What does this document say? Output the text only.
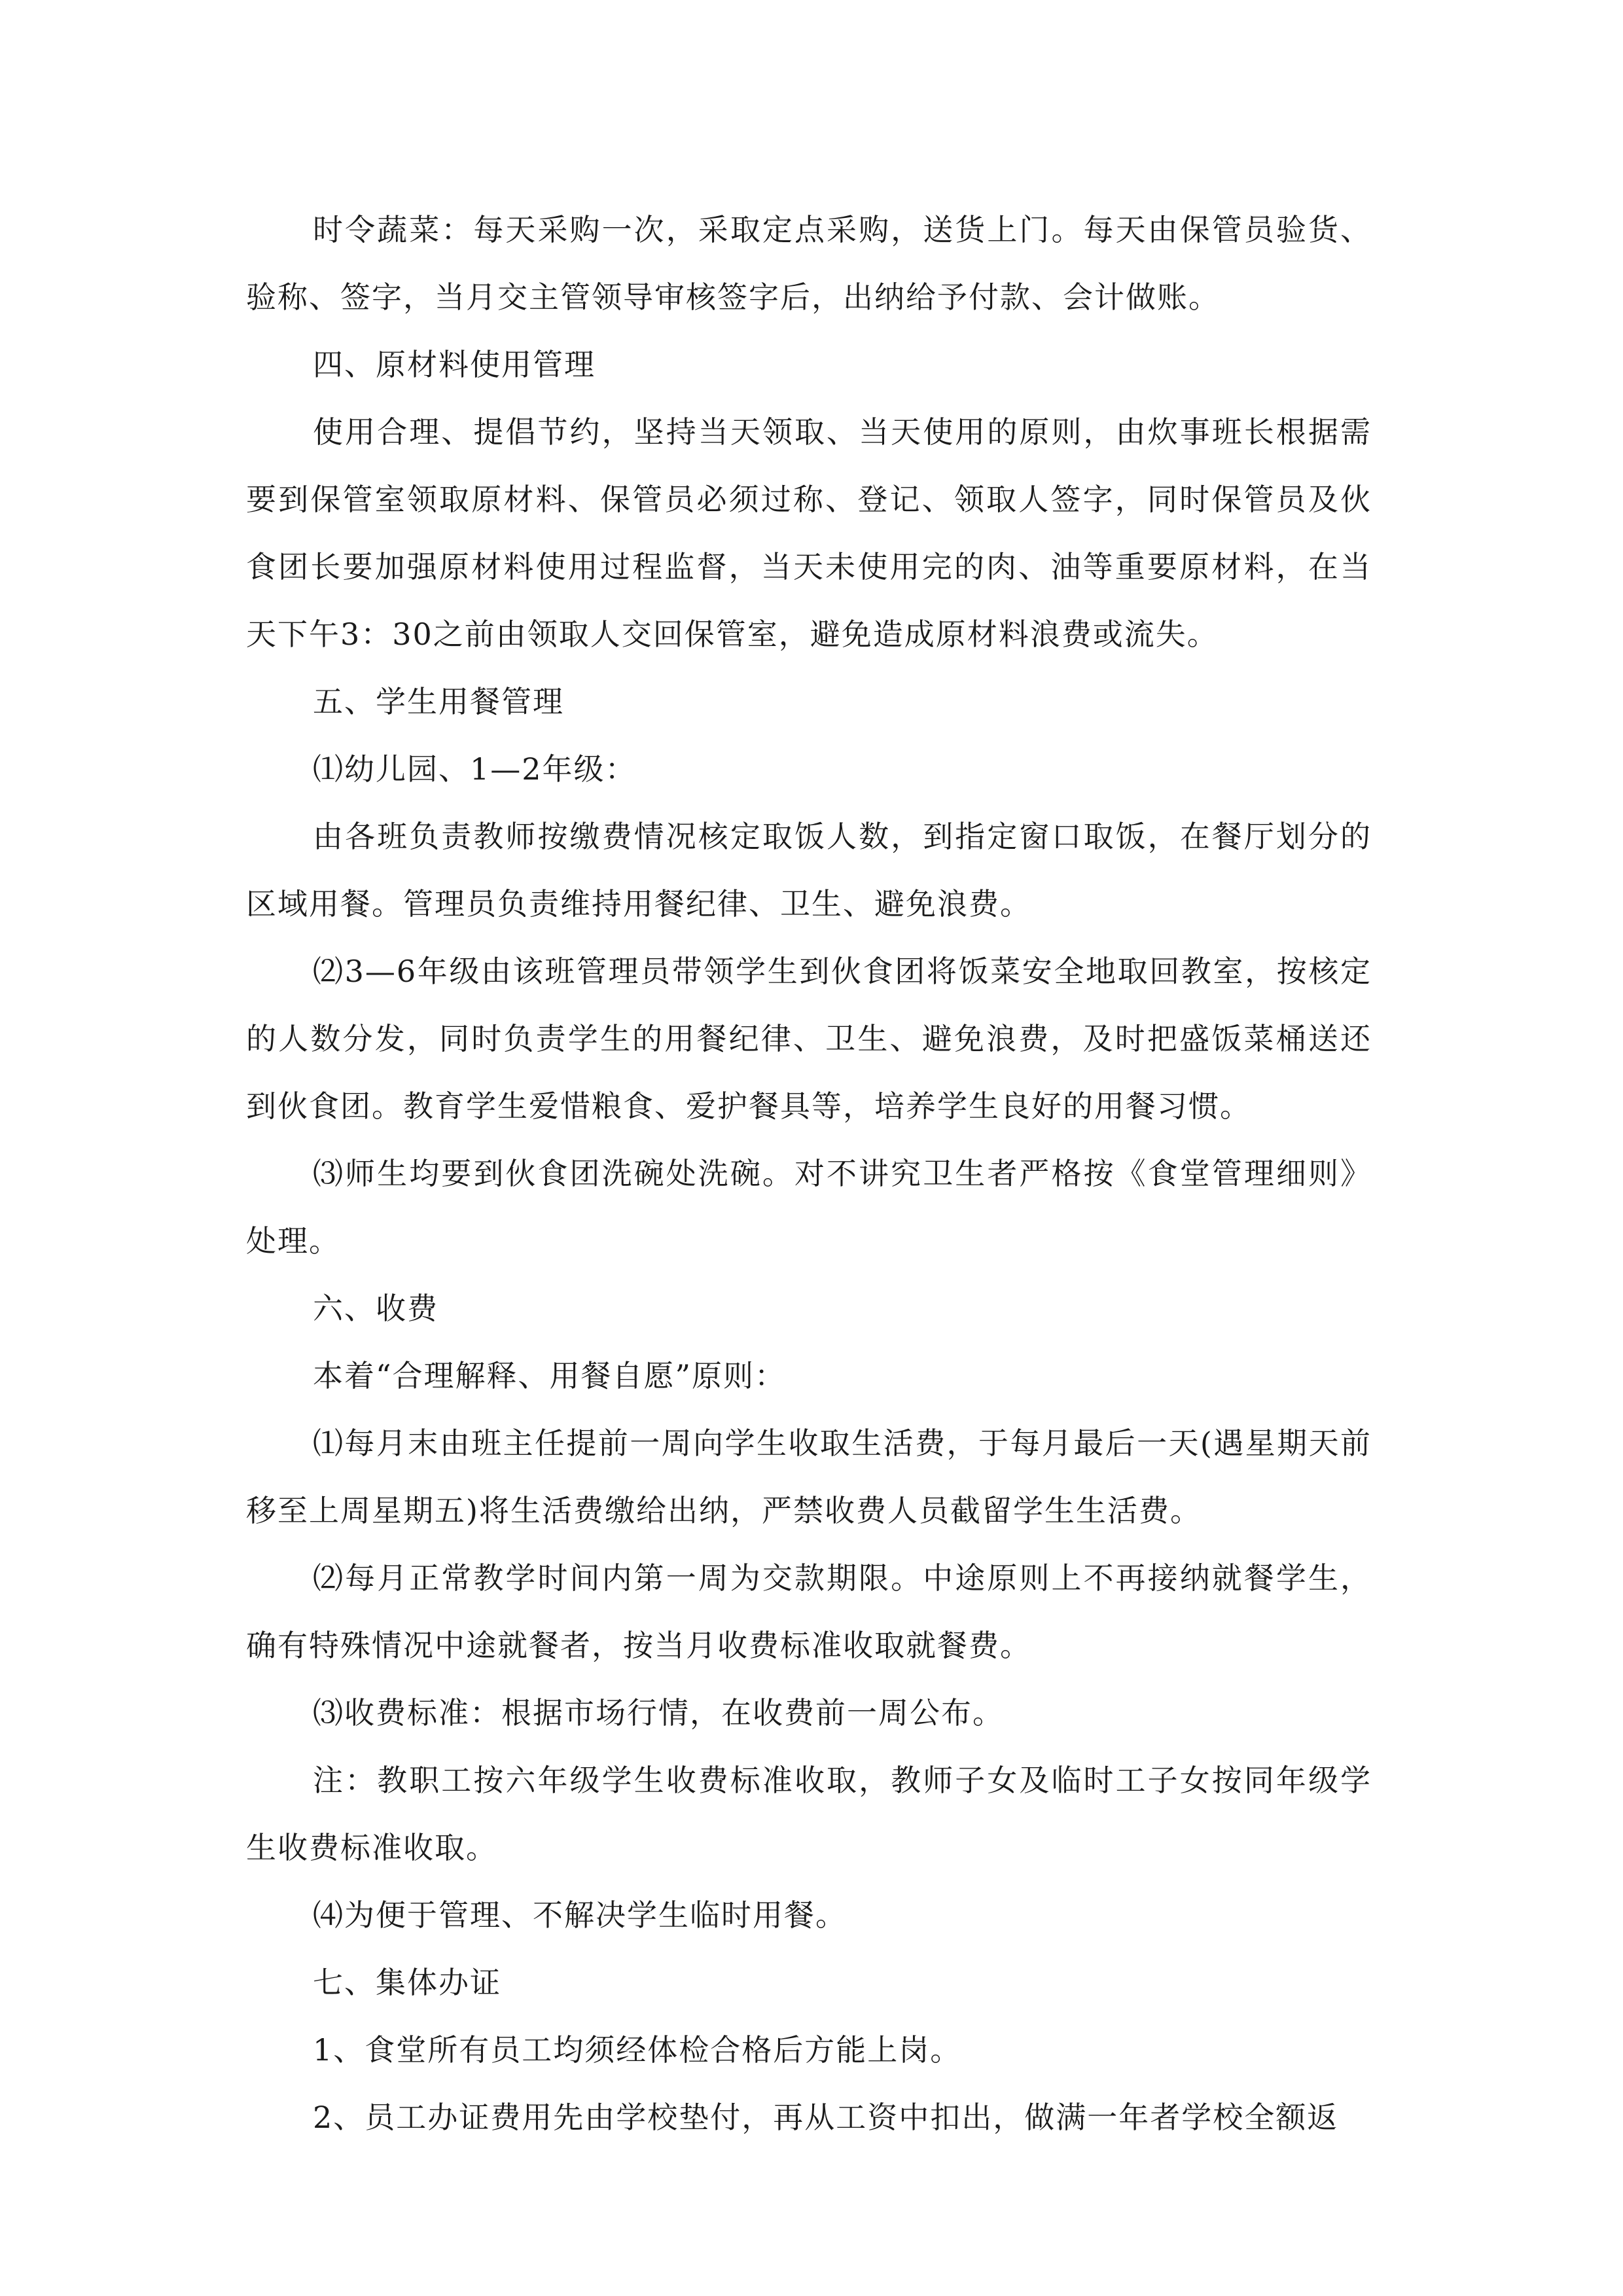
时令蔬菜：每天采购一次，采取定点采购，送货上门。每天由保管员验货、验称、签字，当月交主管领导审核签字后，出纳给予付款、会计做账。

四、原材料使用管理

使用合理、提倡节约，坚持当天领取、当天使用的原则，由炊事班长根据需要到保管室领取原材料、保管员必须过称、登记、领取人签字，同时保管员及伙食团长要加强原材料使用过程监督，当天未使用完的肉、油等重要原材料，在当天下午3：30之前由领取人交回保管室，避免造成原材料浪费或流失。

五、学生用餐管理

⑴幼儿园、1—2年级：

由各班负责教师按缴费情况核定取饭人数，到指定窗口取饭，在餐厅划分的区域用餐。管理员负责维持用餐纪律、卫生、避免浪费。

⑵3—6年级由该班管理员带领学生到伙食团将饭菜安全地取回教室，按核定的人数分发，同时负责学生的用餐纪律、卫生、避免浪费，及时把盛饭菜桶送还到伙食团。教育学生爱惜粮食、爱护餐具等，培养学生良好的用餐习惯。

⑶师生均要到伙食团洗碗处洗碗。对不讲究卫生者严格按《食堂管理细则》处理。

六、收费

本着“合理解释、用餐自愿”原则：

⑴每月末由班主任提前一周向学生收取生活费，于每月最后一天(遇星期天前移至上周星期五)将生活费缴给出纳，严禁收费人员截留学生生活费。

⑵每月正常教学时间内第一周为交款期限。中途原则上不再接纳就餐学生，确有特殊情况中途就餐者，按当月收费标准收取就餐费。

⑶收费标准：根据市场行情，在收费前一周公布。

注：教职工按六年级学生收费标准收取，教师子女及临时工子女按同年级学生收费标准收取。

⑷为便于管理、不解决学生临时用餐。

七、集体办证

1、食堂所有员工均须经体检合格后方能上岗。

2、员工办证费用先由学校垫付，再从工资中扣出，做满一年者学校全额返
